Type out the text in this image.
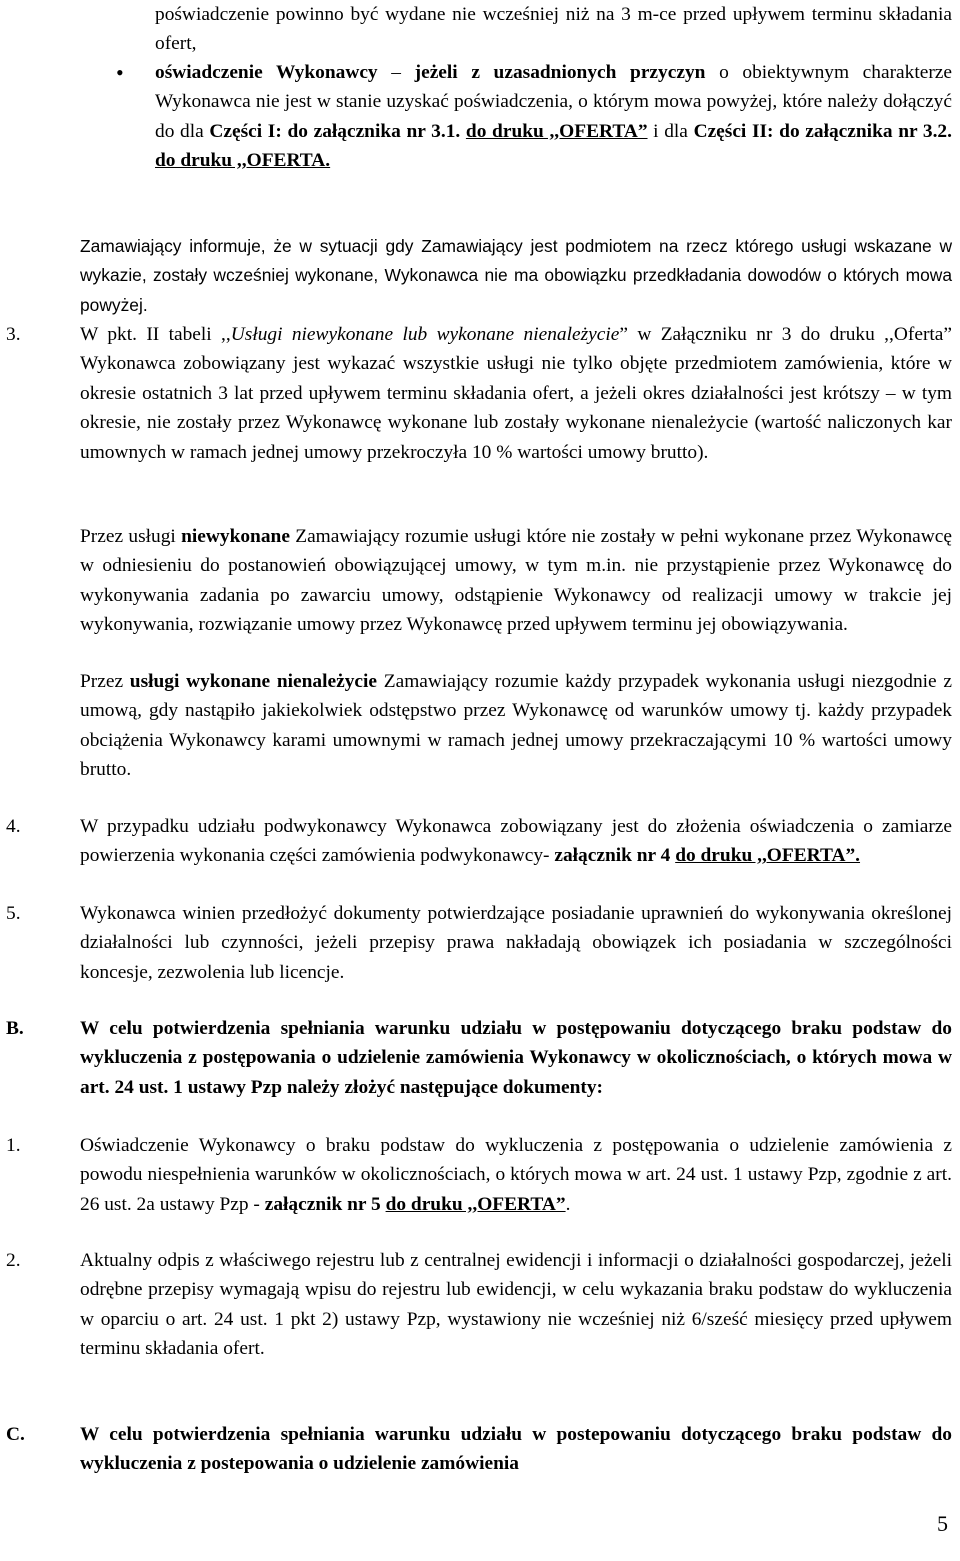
poświadczenie powinno być wydane nie wcześniej niż na 3 m-ce przed upływem terminu składania ofert,

• oświadczenie Wykonawcy – jeżeli z uzasadnionych przyczyn o obiektywnym charakterze Wykonawca nie jest w stanie uzyskać poświadczenia, o którym mowa powyżej, które należy dołączyć do dla Części I: do załącznika nr 3.1. do druku ,,OFERTA” i dla Części II: do załącznika nr 3.2. do druku ,,OFERTA.

Zamawiający informuje, że w sytuacji gdy Zamawiający jest podmiotem na rzecz którego usługi wskazane w wykazie, zostały wcześniej wykonane, Wykonawca nie ma obowiązku przedkładania dowodów o których mowa powyżej.

3.	W pkt. II tabeli ,,Usługi niewykonane lub wykonane nienależycie” w Załączniku nr 3 do druku ,,Oferta” Wykonawca zobowiązany jest wykazać wszystkie usługi nie tylko objęte przedmiotem zamówienia, które w okresie ostatnich 3 lat przed upływem terminu składania ofert, a jeżeli okres działalności jest krótszy – w tym okresie, nie zostały przez Wykonawcę wykonane lub zostały wykonane nienależycie (wartość naliczonych kar umownych w ramach jednej umowy przekroczyła 10 % wartości umowy brutto).

Przez usługi niewykonane Zamawiający rozumie usługi które nie zostały w pełni wykonane przez Wykonawcę w odniesieniu do postanowień obowiązującej umowy, w tym m.in. nie przystąpienie przez Wykonawcę do wykonywania zadania po zawarciu umowy, odstąpienie Wykonawcy od realizacji umowy w trakcie jej wykonywania, rozwiązanie umowy przez Wykonawcę przed upływem terminu jej obowiązywania.

Przez usługi wykonane nienależycie Zamawiający rozumie każdy przypadek wykonania usługi niezgodnie z umową, gdy nastąpiło jakiekolwiek odstępstwo przez Wykonawcę od warunków umowy tj. każdy przypadek obciążenia Wykonawcy karami umownymi w ramach jednej umowy przekraczającymi 10 % wartości umowy brutto.

4.	W przypadku udziału podwykonawcy Wykonawca zobowiązany jest do złożenia oświadczenia o zamiarze powierzenia wykonania części zamówienia podwykonawcy- załącznik nr 4 do druku ,,OFERTA”.

5.	Wykonawca winien przedłożyć dokumenty potwierdzające posiadanie uprawnień do wykonywania określonej działalności lub czynności, jeżeli przepisy prawa nakładają obowiązek ich posiadania w szczególności koncesje, zezwolenia lub licencje.

B.	W celu potwierdzenia spełniania warunku udziału w postępowaniu dotyczącego braku podstaw do wykluczenia z postępowania o udzielenie zamówienia Wykonawcy w okolicznościach, o których mowa w art. 24 ust. 1 ustawy Pzp należy złożyć następujące dokumenty:

1.	Oświadczenie Wykonawcy o braku podstaw do wykluczenia z postępowania o udzielenie zamówienia z powodu niespełnienia warunków w okolicznościach, o których mowa w art. 24 ust. 1 ustawy Pzp, zgodnie z art. 26 ust. 2a ustawy Pzp - załącznik nr 5 do druku ,,OFERTA”.

2.	Aktualny odpis z właściwego rejestru lub z centralnej ewidencji i informacji o działalności gospodarczej, jeżeli odrębne przepisy wymagają wpisu do rejestru lub ewidencji, w celu wykazania braku podstaw do wykluczenia w oparciu o art. 24 ust. 1 pkt 2) ustawy Pzp, wystawiony nie wcześniej niż 6/sześć miesięcy przed upływem terminu składania ofert.

C.	W celu potwierdzenia spełniania warunku udziału w postepowaniu dotyczącego braku podstaw do wykluczenia z postepowania o udzielenie zamówienia

5
